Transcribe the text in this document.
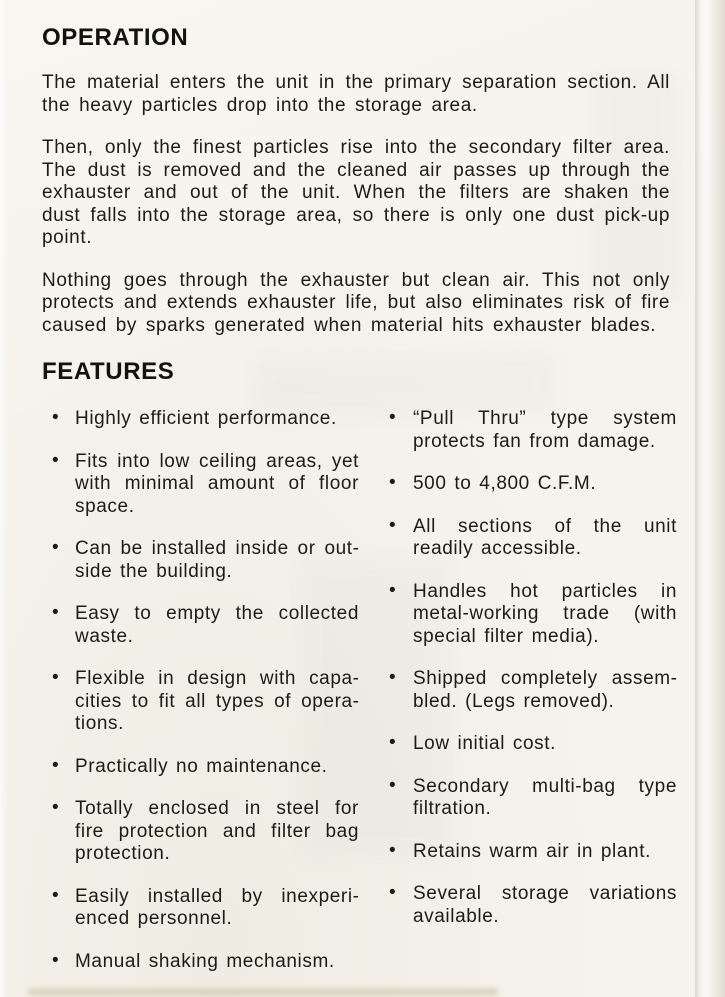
OPERATION

The material enters the unit in the primary separation section. All the heavy particles drop into the storage area.

Then, only the finest particles rise into the secondary filter area. The dust is removed and the cleaned air passes up through the exhauster and out of the unit. When the filters are shaken the dust falls into the storage area, so there is only one dust pick-up point.

Nothing goes through the exhauster but clean air. This not only protects and extends exhauster life, but also eliminates risk of fire caused by sparks generated when material hits exhauster blades.

FEATURES
• Highly efficient performance.
• Fits into low ceiling areas, yet with minimal amount of floor space.
• Can be installed inside or outside the building.
• Easy to empty the collected waste.
• Flexible in design with capacities to fit all types of operations.
• Practically no maintenance.
• Totally enclosed in steel for fire protection and filter bag protection.
• Easily installed by inexperienced personnel.
• Manual shaking mechanism.
• “Pull Thru” type system protects fan from damage.
• 500 to 4,800 C.F.M.
• All sections of the unit readily accessible.
• Handles hot particles in metal-working trade (with special filter media).
• Shipped completely assembled. (Legs removed).
• Low initial cost.
• Secondary multi-bag type filtration.
• Retains warm air in plant.
• Several storage variations available.
